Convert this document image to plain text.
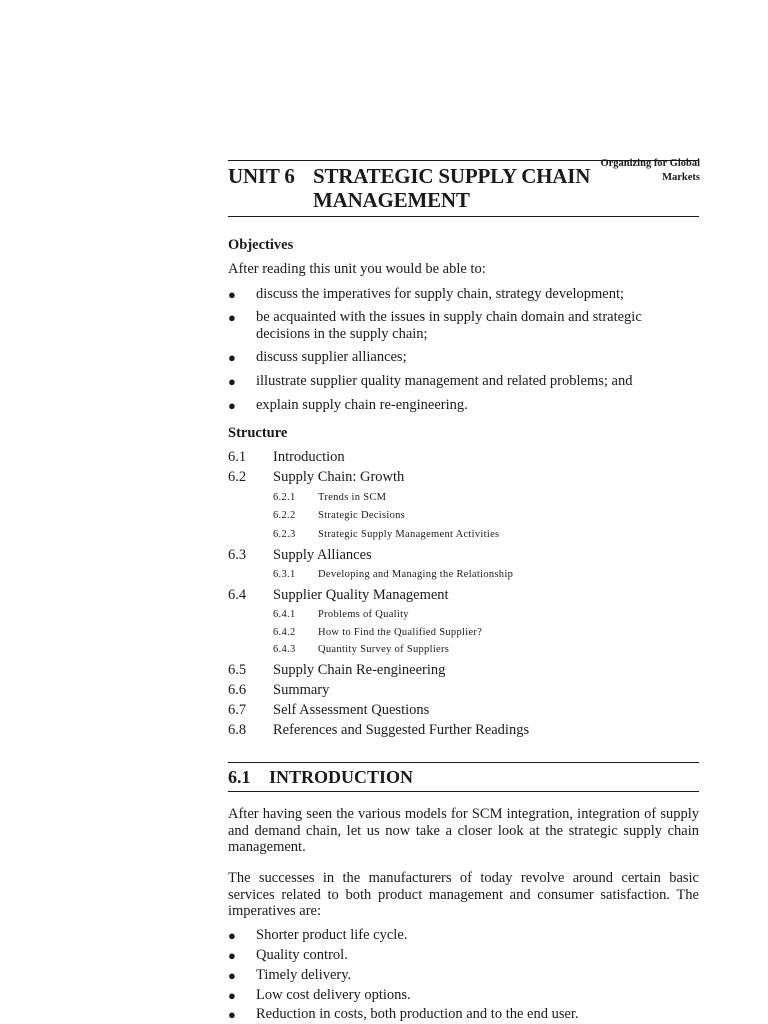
Organizing for Global
Markets
UNIT 6 STRATEGIC SUPPLY CHAIN
MANAGEMENT
Objectives
After reading this unit you would be able to:
● discuss the imperatives for supply chain, strategy development;
● be acquainted with the issues in supply chain domain and strategic decisions in the supply chain;
● discuss supplier alliances;
● illustrate supplier quality management and related problems; and
● explain supply chain re-engineering.
Structure
6.1 Introduction
6.2 Supply Chain: Growth
6.2.1 Trends in SCM
6.2.2 Strategic Decisions
6.2.3 Strategic Supply Management Activities
6.3 Supply Alliances
6.3.1 Developing and Managing the Relationship
6.4 Supplier Quality Management
6.4.1 Problems of Quality
6.4.2 How to Find the Qualified Supplier?
6.4.3 Quantity Survey of Suppliers
6.5 Supply Chain Re-engineering
6.6 Summary
6.7 Self Assessment Questions
6.8 References and Suggested Further Readings
6.1 INTRODUCTION
After having seen the various models for SCM integration, integration of supply and demand chain, let us now take a closer look at the strategic supply chain management.
The successes in the manufacturers of today revolve around certain basic services related to both product management and consumer satisfaction. The imperatives are:
● Shorter product life cycle.
● Quality control.
● Timely delivery.
● Low cost delivery options.
● Reduction in costs, both production and to the end user.
